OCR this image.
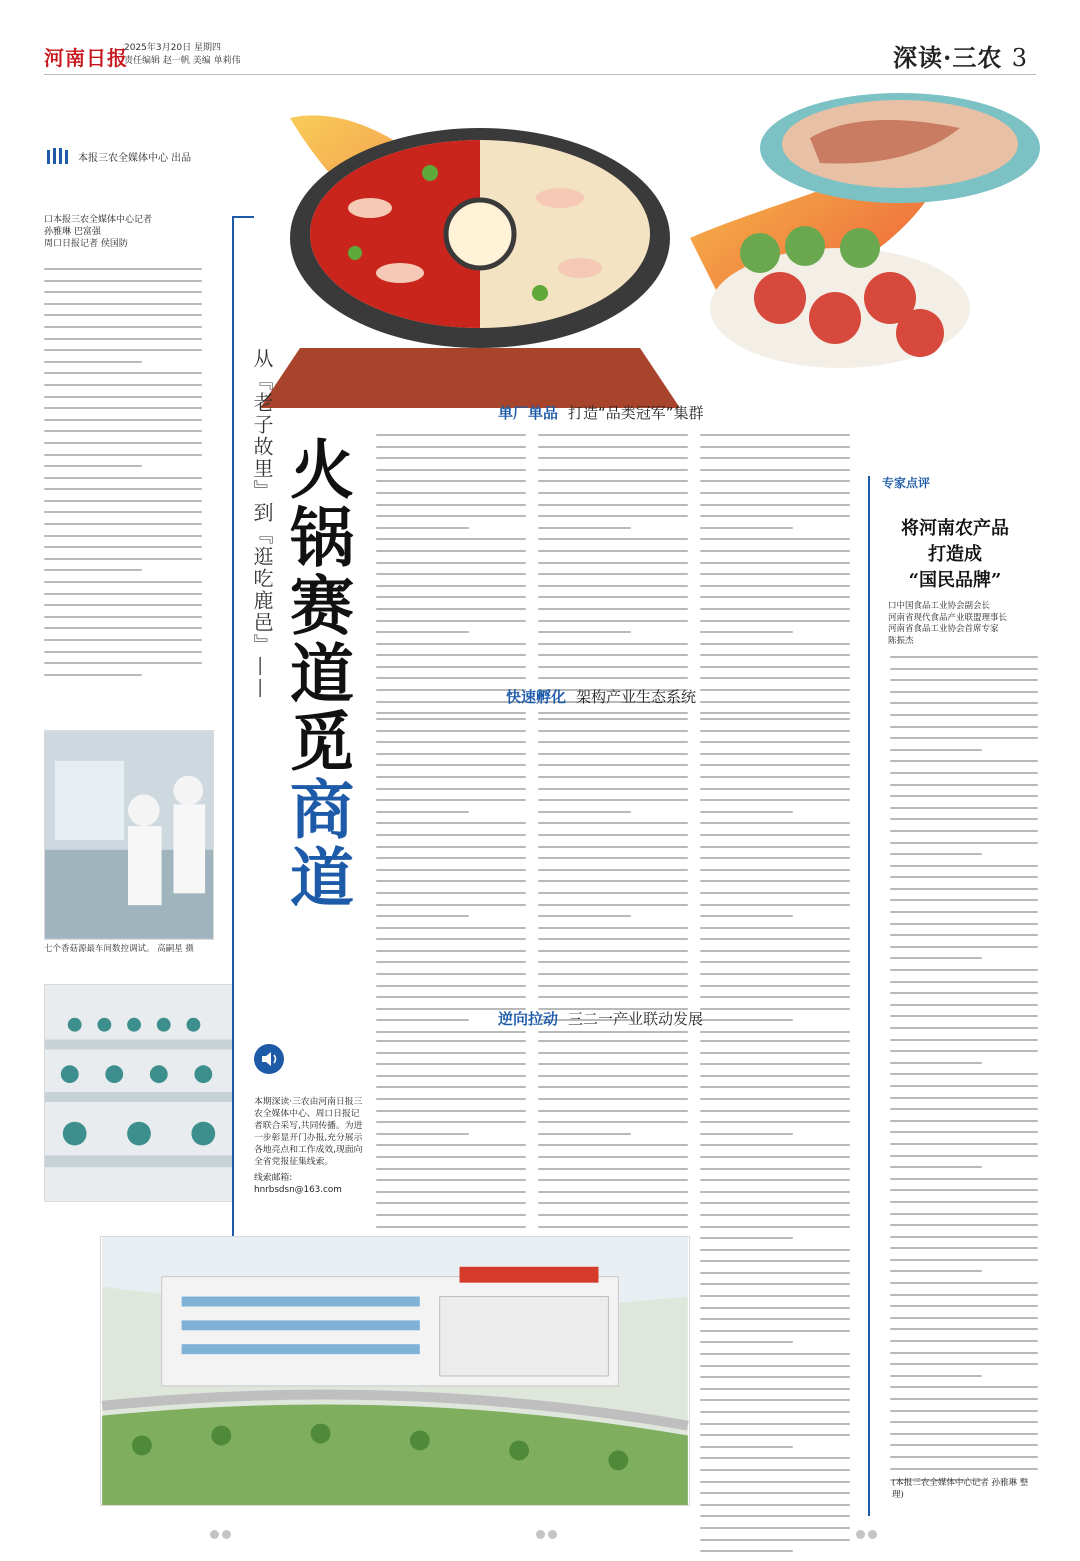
河南日报
2025年3月20日 星期四
责任编辑 赵一帆 美编 单莉伟	深读·三农 3
本报三农全媒体中心 出品
口本报三农全媒体中心记者
孙雅琳 巴富强
周口日报记者 侯国防
七个香菇源最车间数控调试。 高嗣星 摄
从『老子故里』到『逛吃鹿邑』—— 火锅赛道觅商道
单厂单品 打造“品类冠军”集群
快速孵化 架构产业生态系统
逆向拉动 三二一产业联动发展
本期深读·三农由河南日报三农全媒体中心、周口日报记者联合采写,共同传播。为进一步彰显开门办报,充分展示各地亮点和工作成效,现面向全省党报征集线索。
线索邮箱:
hnrbsdsn@163.com
专家点评
将河南农产品
打造成
“国民品牌”
口中国食品工业协会副会长
河南省现代食品产业联盟理事长
河南省食品工业协会首席专家
陈振杰
(本报三农全媒体中心记者 孙雅琳 整理)
